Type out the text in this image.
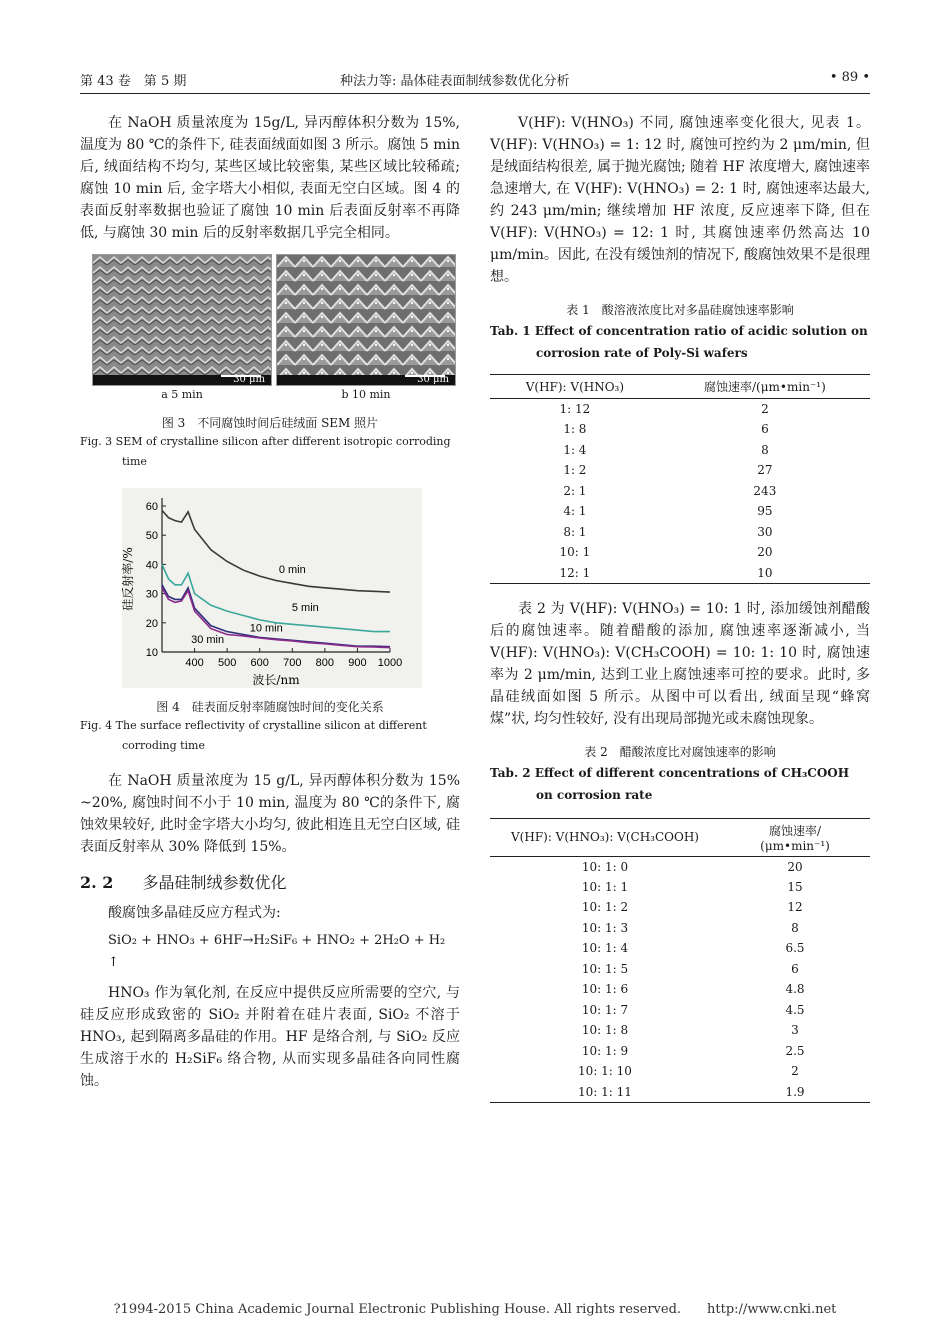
第 43 卷　第 5 期	种法力等: 晶体硅表面制绒参数优化分析	• 89 •

在 NaOH 质量浓度为 15g/L, 异丙醇体积分数为 15%, 温度为 80 ℃的条件下, 硅表面绒面如图 3 所示。腐蚀 5 min 后, 绒面结构不均匀, 某些区域比较密集, 某些区域比较稀疏; 腐蚀 10 min 后, 金字塔大小相似, 表面无空白区域。图 4 的表面反射率数据也验证了腐蚀 10 min 后表面反射率不再降低, 与腐蚀 30 min 后的反射率数据几乎完全相同。

30 μm	30 μm
a 5 min	b 10 min
图 3　不同腐蚀时间后硅绒面 SEM 照片
Fig. 3 SEM of crystalline silicon after different isotropic corroding
time
10
20
30
40
50
60
400 500 600 700 800 900 1000
波长/nm
硅反射率/%	0 min
5 min
10 min
30 min
图 4　硅表面反射率随腐蚀时间的变化关系
Fig. 4 The surface reflectivity of crystalline silicon at different
corroding time

在 NaOH 质量浓度为 15 g/L, 异丙醇体积分数为 15% ~20%, 腐蚀时间不小于 10 min, 温度为 80 ℃的条件下, 腐蚀效果较好, 此时金字塔大小均匀, 彼此相连且无空白区域, 硅表面反射率从 30% 降低到 15%。

2. 2 多晶硅制绒参数优化

酸腐蚀多晶硅反应方程式为:

SiO₂ + HNO₃ + 6HF→H₂SiF₆ + HNO₂ + 2H₂O + H₂ ↑

HNO₃ 作为氧化剂, 在反应中提供反应所需要的空穴, 与硅反应形成致密的 SiO₂ 并附着在硅片表面, SiO₂ 不溶于 HNO₃, 起到隔离多晶硅的作用。HF 是络合剂, 与 SiO₂ 反应生成溶于水的 H₂SiF₆ 络合物, 从而实现多晶硅各向同性腐蚀。

V(HF): V(HNO₃) 不同, 腐蚀速率变化很大, 见表 1。V(HF): V(HNO₃) = 1: 12 时, 腐蚀可控约为 2 μm/min, 但是绒面结构很差, 属于抛光腐蚀; 随着 HF 浓度增大, 腐蚀速率急速增大, 在 V(HF): V(HNO₃) = 2: 1 时, 腐蚀速率达最大, 约 243 μm/min; 继续增加 HF 浓度, 反应速率下降, 但在 V(HF): V(HNO₃) = 12: 1 时, 其腐蚀速率仍然高达 10 μm/min。因此, 在没有缓蚀剂的情况下, 酸腐蚀效果不是很理想。

表 1　酸溶液浓度比对多晶硅腐蚀速率影响
Tab. 1 Effect of concentration ratio of acidic solution on
corrosion rate of Poly-Si wafers
V(HF): V(HNO₃)	腐蚀速率/(μm•min⁻¹)
1: 12	2
1: 8	6
1: 4	8
1: 2	27
2: 1	243
4: 1	95
8: 1	30
10: 1	20
12: 1	10

表 2 为 V(HF): V(HNO₃) = 10: 1 时, 添加缓蚀剂醋酸后的腐蚀速率。随着醋酸的添加, 腐蚀速率逐渐减小, 当 V(HF): V(HNO₃): V(CH₃COOH) = 10: 1: 10 时, 腐蚀速率为 2 μm/min, 达到工业上腐蚀速率可控的要求。此时, 多晶硅绒面如图 5 所示。从图中可以看出, 绒面呈现“蜂窝煤”状, 均匀性较好, 没有出现局部抛光或未腐蚀现象。

表 2　醋酸浓度比对腐蚀速率的影响
Tab. 2 Effect of different concentrations of CH₃COOH
on corrosion rate
V(HF): V(HNO₃): V(CH₃COOH)	腐蚀速率/
(μm•min⁻¹)

10: 1: 0	20
10: 1: 1	15
10: 1: 2	12
10: 1: 3	8
10: 1: 4	6.5
10: 1: 5	6
10: 1: 6	4.8
10: 1: 7	4.5
10: 1: 8	3
10: 1: 9	2.5
10: 1: 10	2
10: 1: 11	1.9
?1994-2015 China Academic Journal Electronic Publishing House. All rights reserved.　　http://www.cnki.net
